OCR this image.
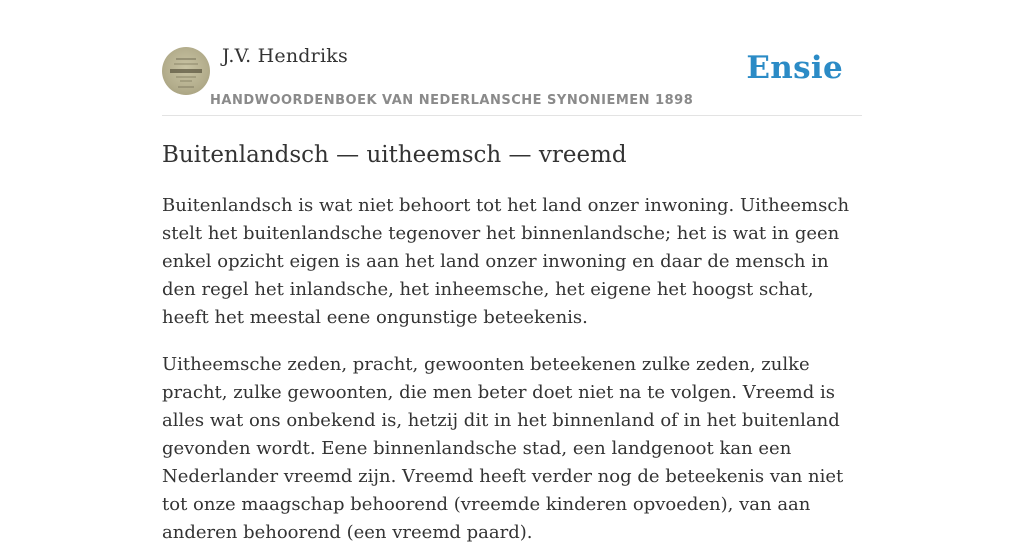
J.V. Hendriks
HANDWOORDENBOEK VAN NEDERLANSCHE SYNONIEMEN 1898
Ensie
Buitenlandsch — uitheemsch — vreemd

Buitenlandsch is wat niet behoort tot het land onzer inwoning. Uitheemsch stelt het buitenlandsche tegenover het binnenlandsche; het is wat in geen enkel opzicht eigen is aan het land onzer inwoning en daar de mensch in den regel het inlandsche, het inheemsche, het eigene het hoogst schat, heeft het meestal eene ongunstige beteekenis.

Uitheemsche zeden, pracht, gewoonten beteekenen zulke zeden, zulke pracht, zulke gewoonten, die men beter doet niet na te volgen. Vreemd is alles wat ons onbekend is, hetzij dit in het binnenland of in het buitenland gevonden wordt. Eene binnenlandsche stad, een landgenoot kan een Nederlander vreemd zijn. Vreemd heeft verder nog de beteekenis van niet tot onze maagschap behoorend (vreemde kinderen opvoeden), van aan anderen behoorend (een vreemd paard).
